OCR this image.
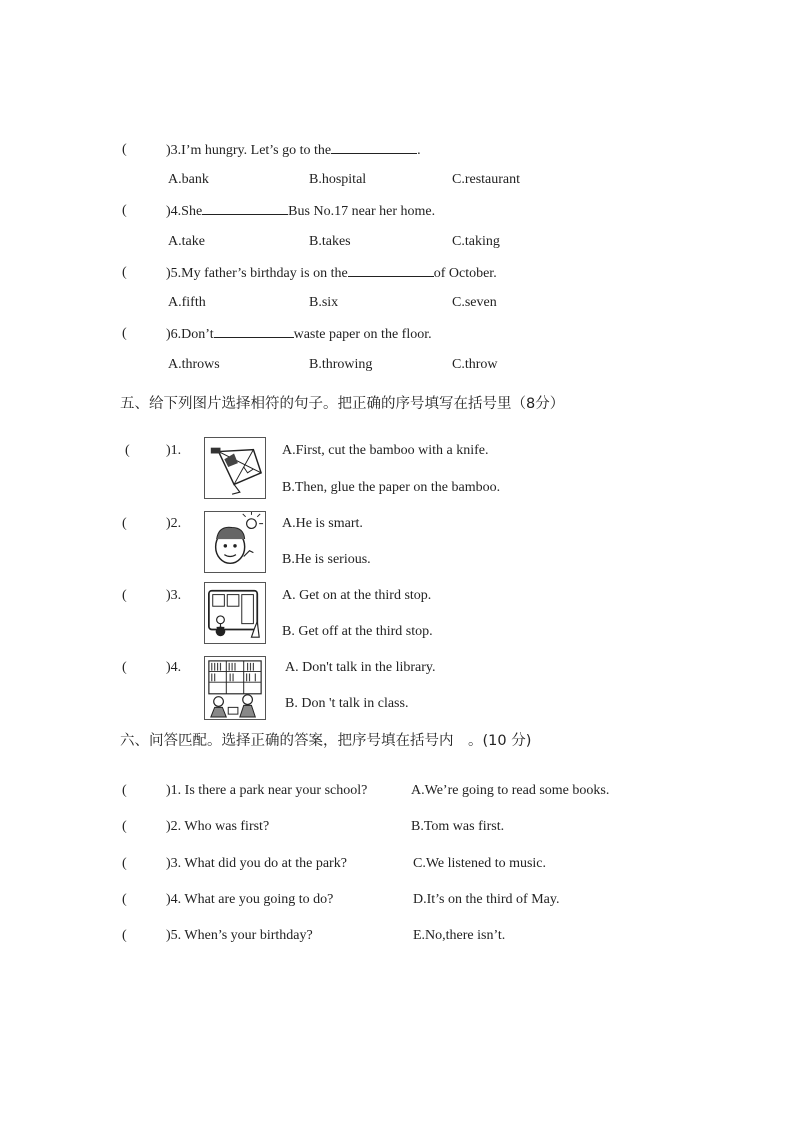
( )3.I’m hungry. Let’s go to the	.
A.bank	B.hospital	C.restaurant
( )4.She	Bus No.17 near her home.
A.take	B.takes	C.taking
( )5.My father’s birthday is on the	of October.
A.fifth	B.six	C.seven
( )6.Don’t	waste paper on the floor.
A.throws	B.throwing	C.throw
五、给下列图片选择相符的句子。把正确的序号填写在括号里（8分）
( )1.	A.First, cut the bamboo with a knife.
B.Then, glue the paper on the bamboo.
( )2.	A.He is smart.
B.He is serious.
( )3.	A. Get on at the third stop.
B. Get off at the third stop.
( )4.	A. Don't talk in the library.
B. Don 't talk in class.
六、问答匹配。选择正确的答案，把序号填在括号内　。(10 分)
( )1. Is there a park near your school?	A.We’re going to read some books.
( )2. Who was first?	B.Tom was first.
( )3. What did you do at the park?	C.We listened to music.
( )4. What are you going to do?	D.It’s on the third of May.
( )5. When’s your birthday?	E.No,there isn’t.
